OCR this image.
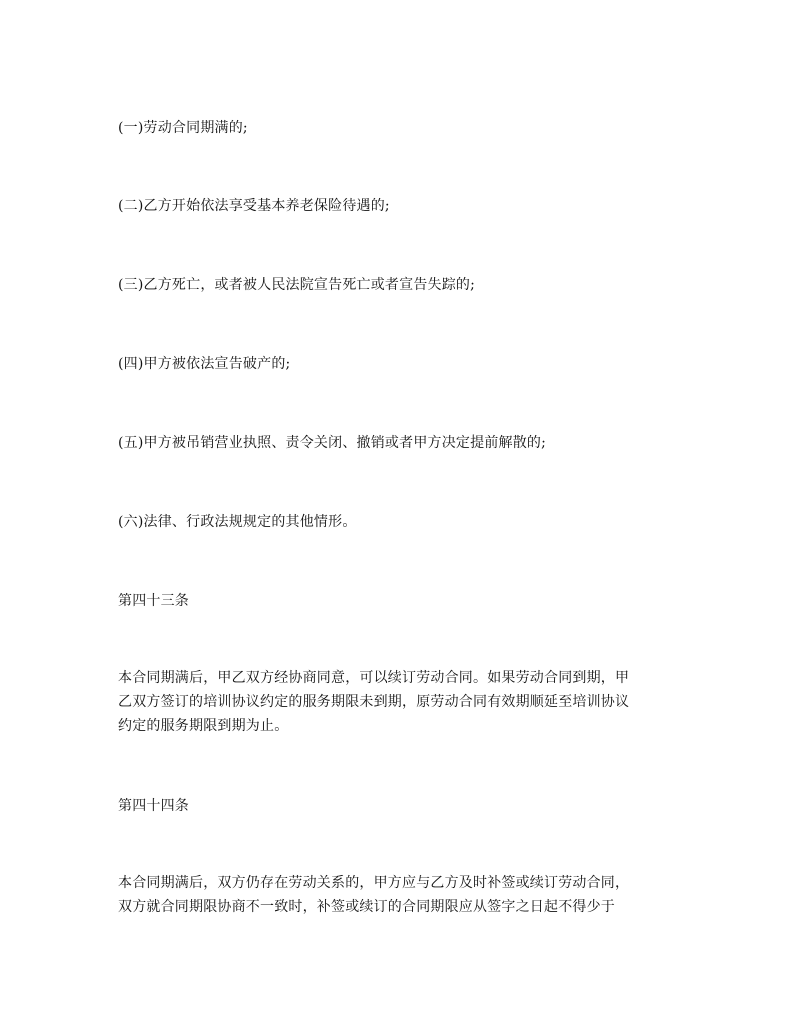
(一)劳动合同期满的;
(二)乙方开始依法享受基本养老保险待遇的;
(三)乙方死亡，或者被人民法院宣告死亡或者宣告失踪的;
(四)甲方被依法宣告破产的;
(五)甲方被吊销营业执照、责令关闭、撤销或者甲方决定提前解散的;
(六)法律、行政法规规定的其他情形。
第四十三条
本合同期满后，甲乙双方经协商同意，可以续订劳动合同。如果劳动合同到期，甲
乙双方签订的培训协议约定的服务期限未到期，原劳动合同有效期顺延至培训协议
约定的服务期限到期为止。
第四十四条
本合同期满后，双方仍存在劳动关系的，甲方应与乙方及时补签或续订劳动合同，
双方就合同期限协商不一致时，补签或续订的合同期限应从签字之日起不得少于
